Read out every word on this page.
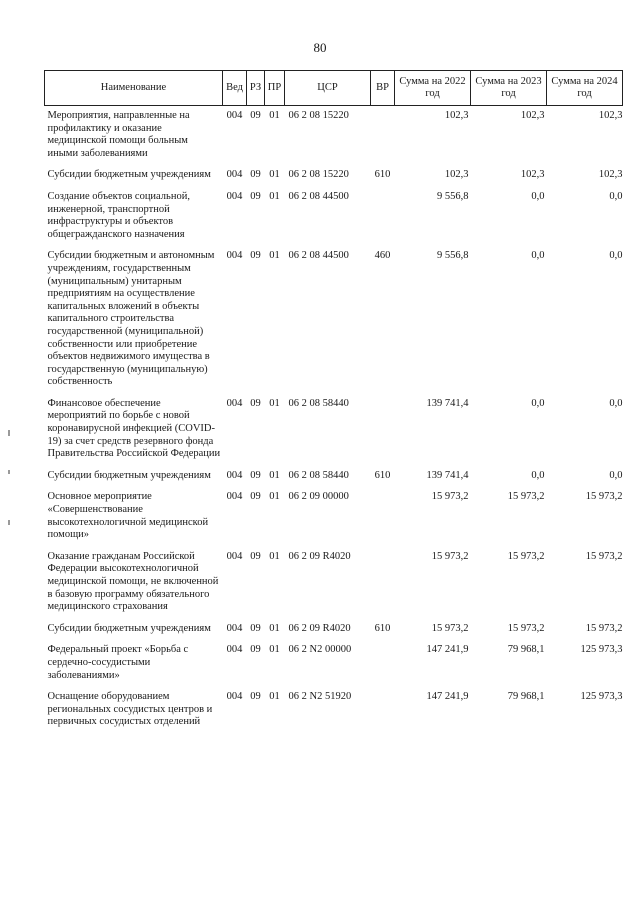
80
Наименование	Вед	РЗ	ПР	ЦСР	ВР	Сумма на 2022 год	Сумма на 2023 год	Сумма на 2024 год
Мероприятия, направленные на профилактику и оказание медицинской помощи больным иными заболеваниями	004	09	01	06 2 08 15220		102,3	102,3	102,3
Субсидии бюджетным учреждениям	004	09	01	06 2 08 15220	610	102,3	102,3	102,3
Создание объектов социальной, инженерной, транспортной инфраструктуры и объектов общегражданского назначения	004	09	01	06 2 08 44500		9 556,8	0,0	0,0
Субсидии бюджетным и автономным учреждениям, государственным (муниципальным) унитарным предприятиям на осуществление капитальных вложений в объекты капитального строительства государственной (муниципальной) собственности или приобретение объектов недвижимого имущества в государственную (муниципальную) собственность	004	09	01	06 2 08 44500	460	9 556,8	0,0	0,0
Финансовое обеспечение мероприятий по борьбе с новой коронавирусной инфекцией (COVID-19) за счет средств резервного фонда Правительства Российской Федерации	004	09	01	06 2 08 58440		139 741,4	0,0	0,0
Субсидии бюджетным учреждениям	004	09	01	06 2 08 58440	610	139 741,4	0,0	0,0
Основное мероприятие «Совершенствование высокотехнологичной медицинской помощи»	004	09	01	06 2 09 00000		15 973,2	15 973,2	15 973,2
Оказание гражданам Российской Федерации высокотехнологичной медицинской помощи, не включенной в базовую программу обязательного медицинского страхования	004	09	01	06 2 09 R4020		15 973,2	15 973,2	15 973,2
Субсидии бюджетным учреждениям	004	09	01	06 2 09 R4020	610	15 973,2	15 973,2	15 973,2
Федеральный проект «Борьба с сердечно-сосудистыми заболеваниями»	004	09	01	06 2 N2 00000		147 241,9	79 968,1	125 973,3
Оснащение оборудованием региональных сосудистых центров и первичных сосудистых отделений	004	09	01	06 2 N2 51920		147 241,9	79 968,1	125 973,3
